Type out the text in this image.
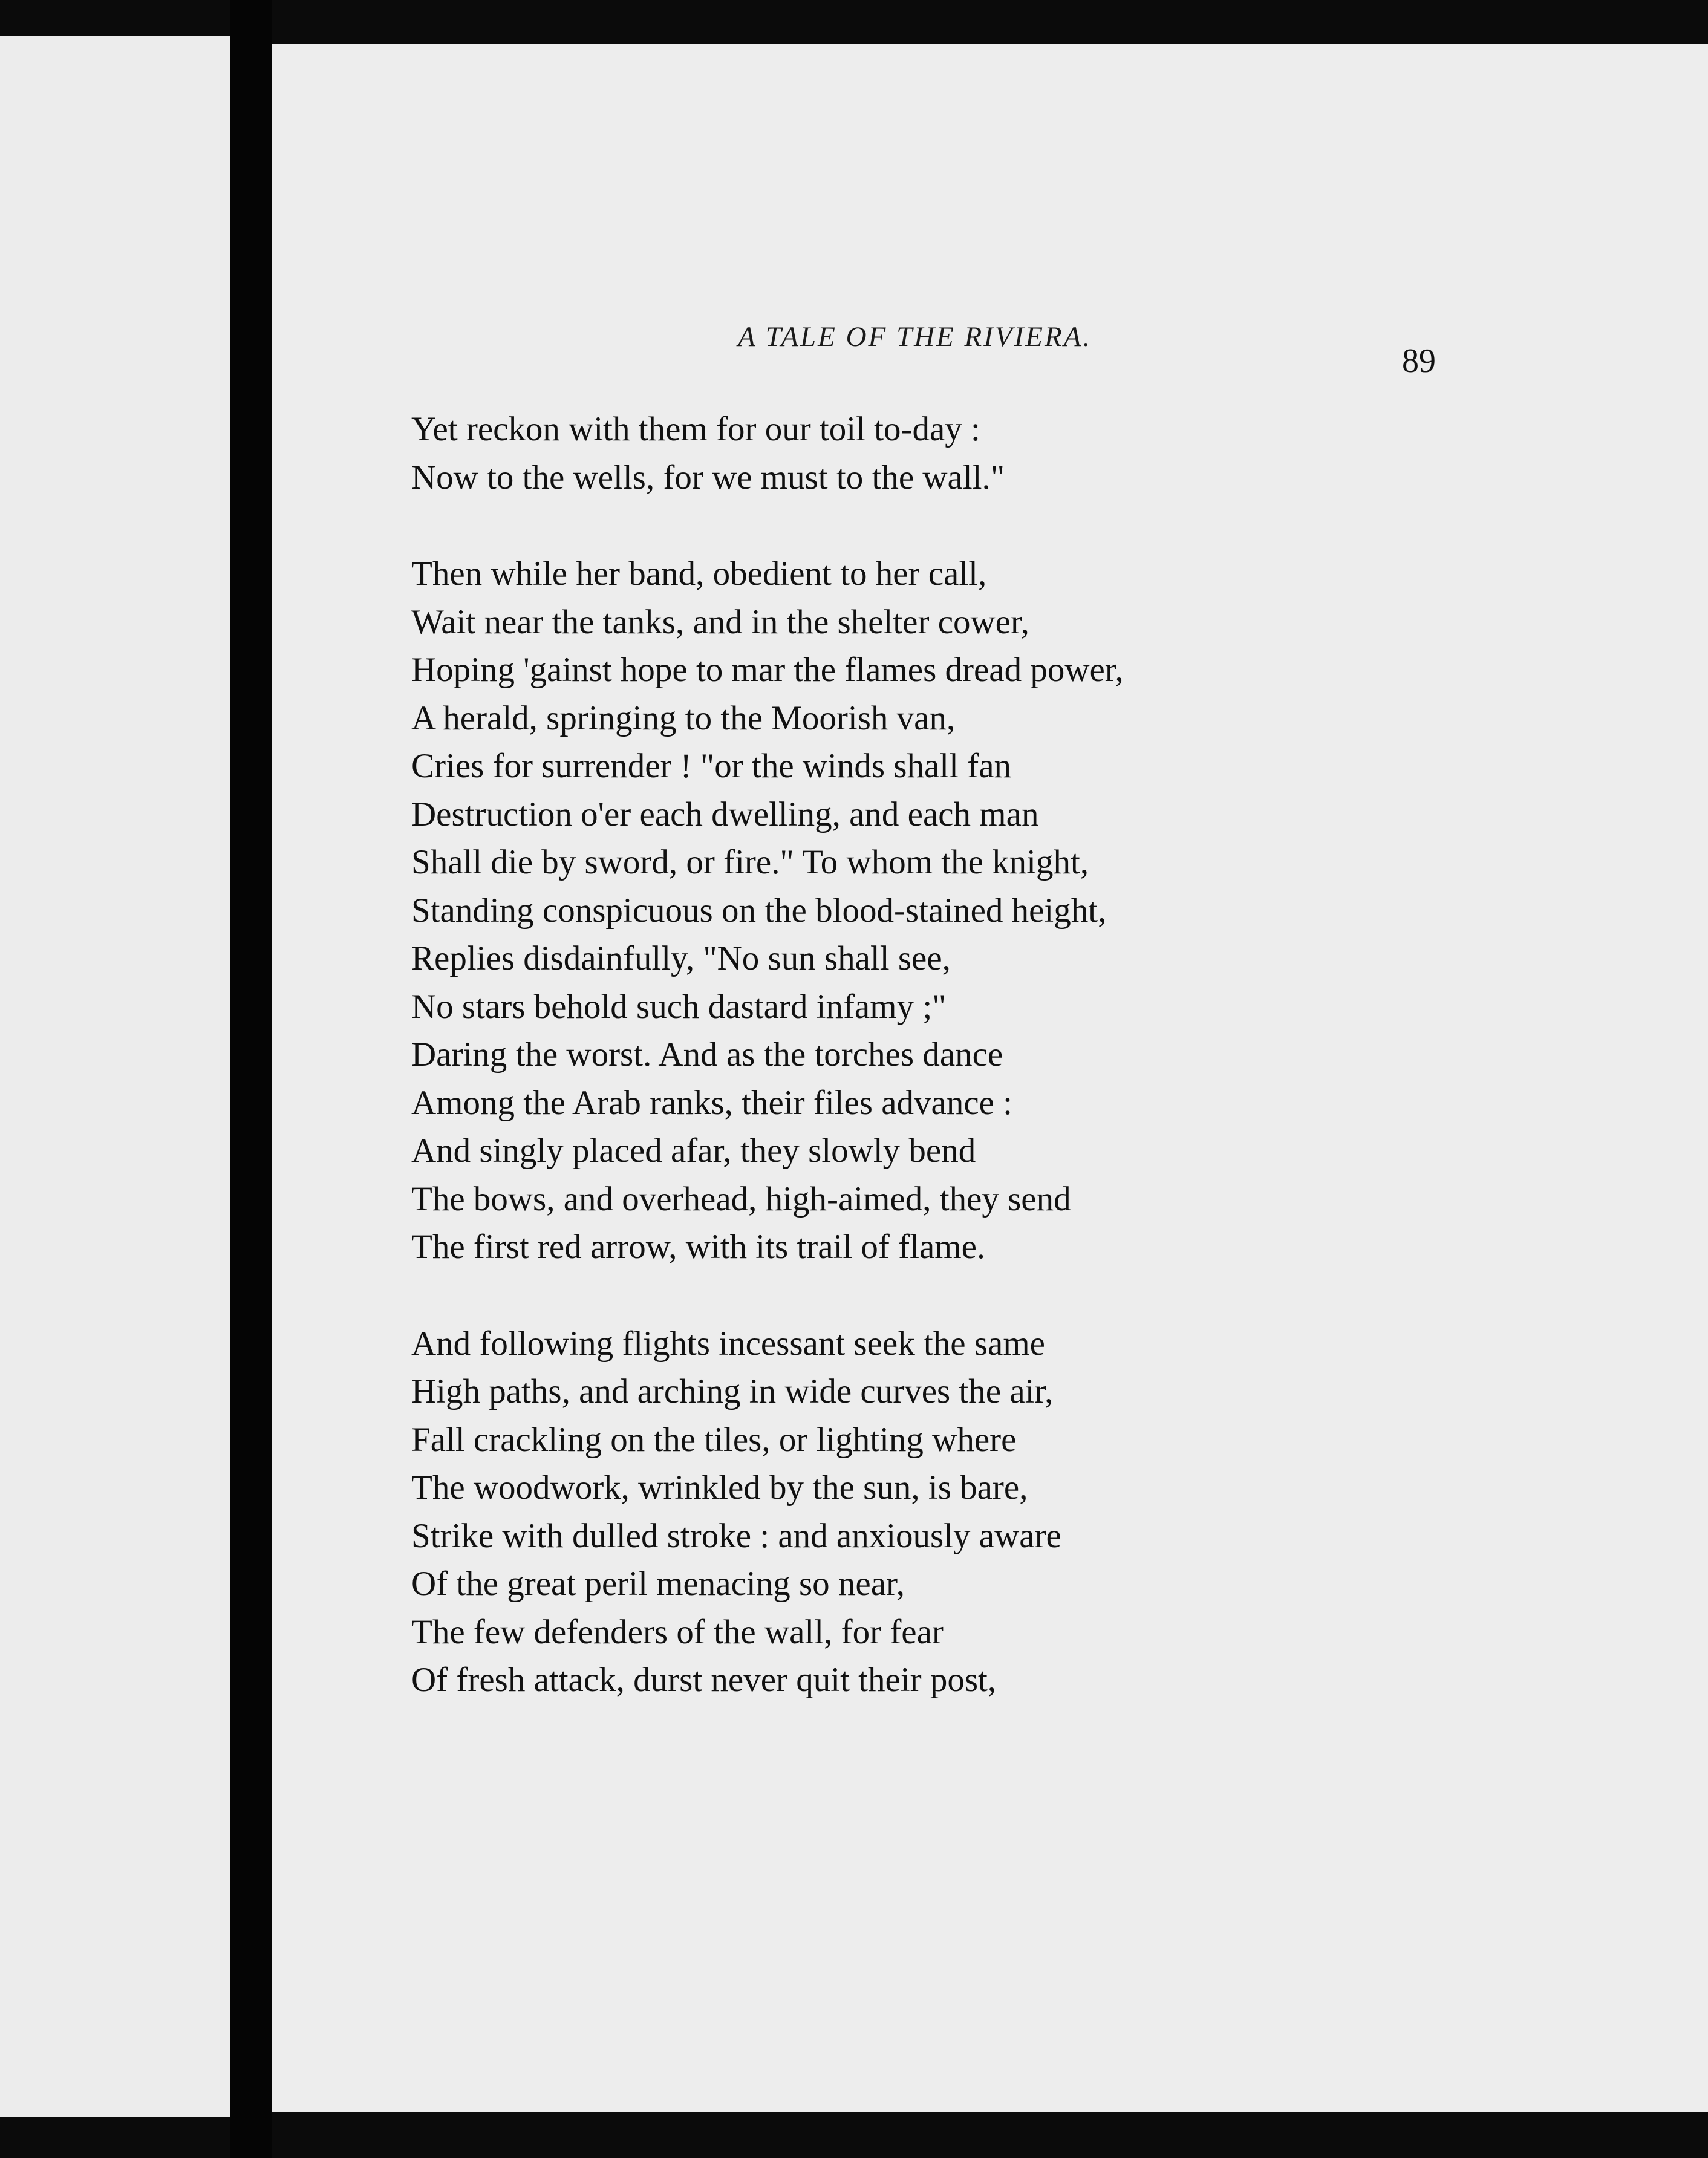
A TALE OF THE RIVIERA.
89
Yet reckon with them for our toil to-day :
Now to the wells, for we must to the wall."
Then while her band, obedient to her call,
Wait near the tanks, and in the shelter cower,
Hoping 'gainst hope to mar the flames dread power,
A herald, springing to the Moorish van,
Cries for surrender ! "or the winds shall fan
Destruction o'er each dwelling, and each man
Shall die by sword, or fire." To whom the knight,
Standing conspicuous on the blood-stained height,
Replies disdainfully, "No sun shall see,
No stars behold such dastard infamy ;"
Daring the worst. And as the torches dance
Among the Arab ranks, their files advance :
And singly placed afar, they slowly bend
The bows, and overhead, high-aimed, they send
The first red arrow, with its trail of flame.
And following flights incessant seek the same
High paths, and arching in wide curves the air,
Fall crackling on the tiles, or lighting where
The woodwork, wrinkled by the sun, is bare,
Strike with dulled stroke : and anxiously aware
Of the great peril menacing so near,
The few defenders of the wall, for fear
Of fresh attack, durst never quit their post,
